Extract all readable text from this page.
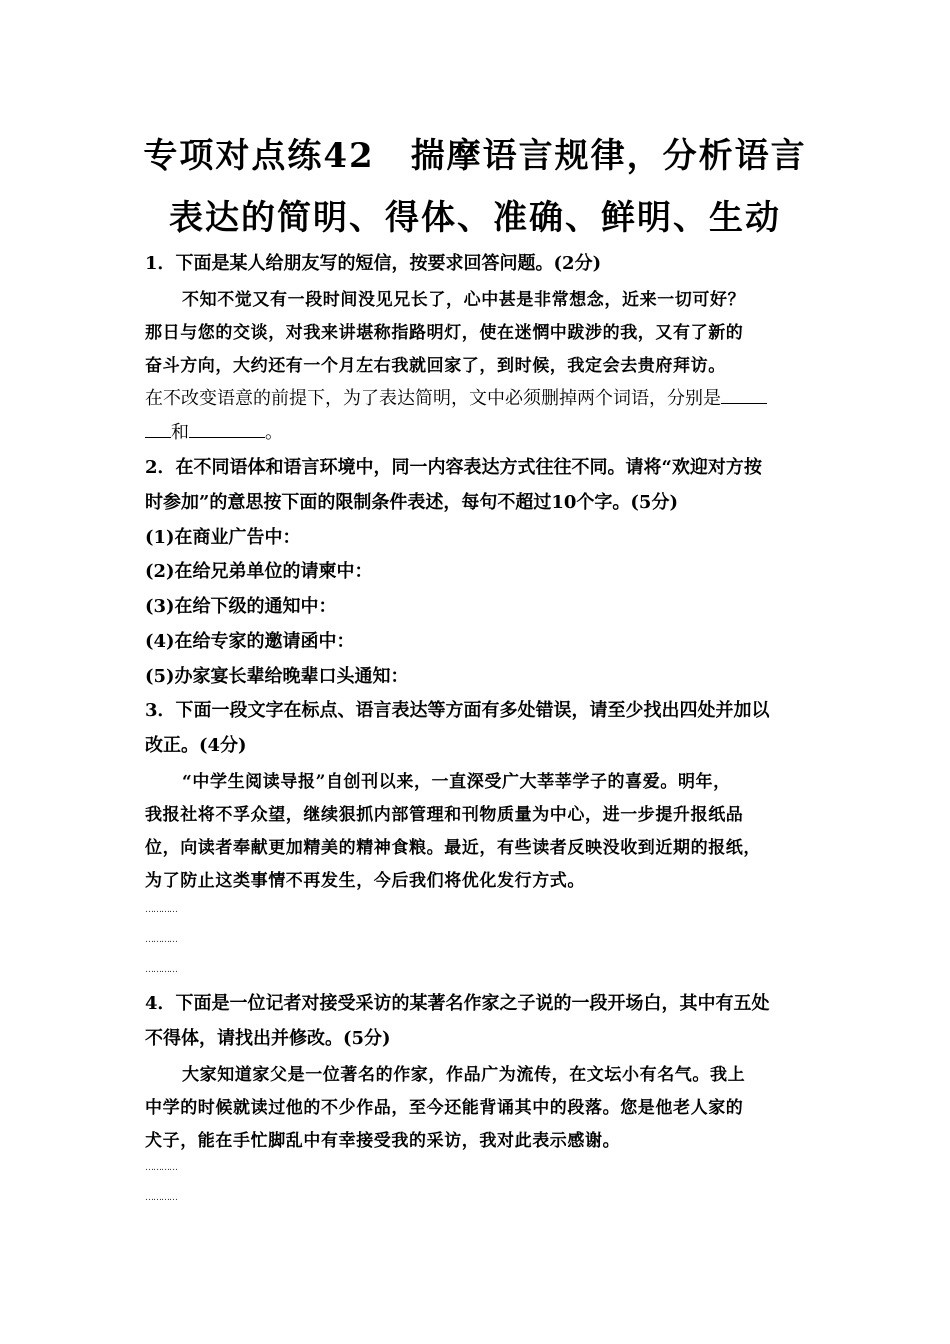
专项对点练42　揣摩语言规律，分析语言
表达的简明、得体、准确、鲜明、生动
1．下面是某人给朋友写的短信，按要求回答问题。(2分)
不知不觉又有一段时间没见兄长了，心中甚是非常想念，近来一切可好？
那日与您的交谈，对我来讲堪称指路明灯，使在迷惘中跋涉的我，又有了新的
奋斗方向，大约还有一个月左右我就回家了，到时候，我定会去贵府拜访。
在不改变语意的前提下，为了表达简明，文中必须删掉两个词语，分别是
和	。
2．在不同语体和语言环境中，同一内容表达方式往往不同。请将“欢迎对方按
时参加”的意思按下面的限制条件表述，每句不超过10个字。(5分)
(1)在商业广告中：
(2)在给兄弟单位的请柬中：
(3)在给下级的通知中：
(4)在给专家的邀请函中：
(5)办家宴长辈给晚辈口头通知：
3．下面一段文字在标点、语言表达等方面有多处错误，请至少找出四处并加以
改正。(4分)
“中学生阅读导报”自创刊以来，一直深受广大莘莘学子的喜爱。明年，
我报社将不孚众望，继续狠抓内部管理和刊物质量为中心，进一步提升报纸品
位，向读者奉献更加精美的精神食粮。最近，有些读者反映没收到近期的报纸，
为了防止这类事情不再发生，今后我们将优化发行方式。
…………
…………
…………
4．下面是一位记者对接受采访的某著名作家之子说的一段开场白，其中有五处
不得体，请找出并修改。(5分)
大家知道家父是一位著名的作家，作品广为流传，在文坛小有名气。我上
中学的时候就读过他的不少作品，至今还能背诵其中的段落。您是他老人家的
犬子，能在手忙脚乱中有幸接受我的采访，我对此表示感谢。
…………
…………
